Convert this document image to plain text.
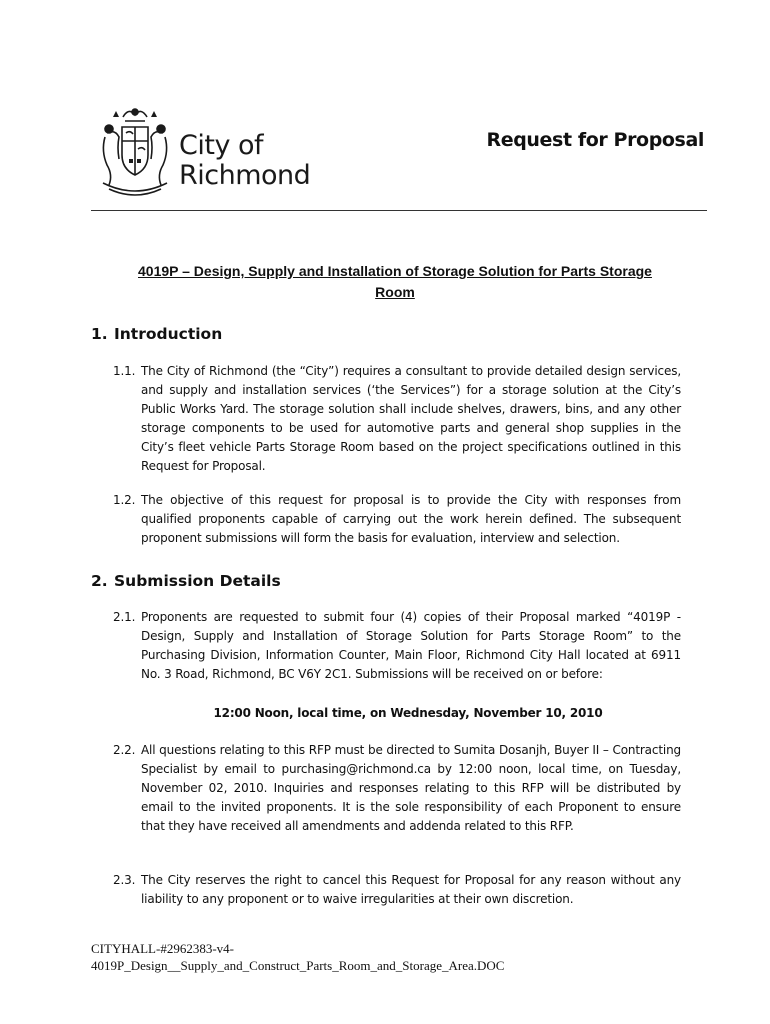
City of
Richmond
Request for Proposal
4019P – Design, Supply and Installation of Storage Solution for Parts Storage
Room
1. Introduction
1.1. The City of Richmond (the “City”) requires a consultant to provide detailed design services, and supply and installation services (‘the Services”) for a storage solution at the City’s Public Works Yard. The storage solution shall include shelves, drawers, bins, and any other storage components to be used for automotive parts and general shop supplies in the City’s fleet vehicle Parts Storage Room based on the project specifications outlined in this Request for Proposal.
1.2. The objective of this request for proposal is to provide the City with responses from qualified proponents capable of carrying out the work herein defined. The subsequent proponent submissions will form the basis for evaluation, interview and selection.
2. Submission Details
2.1. Proponents are requested to submit four (4) copies of their Proposal marked “4019P - Design, Supply and Installation of Storage Solution for Parts Storage Room” to the Purchasing Division, Information Counter, Main Floor, Richmond City Hall located at 6911 No. 3 Road, Richmond, BC V6Y 2C1. Submissions will be received on or before:
12:00 Noon, local time, on Wednesday, November 10, 2010
2.2. All questions relating to this RFP must be directed to Sumita Dosanjh, Buyer II – Contracting Specialist by email to purchasing@richmond.ca by 12:00 noon, local time, on Tuesday, November 02, 2010. Inquiries and responses relating to this RFP will be distributed by email to the invited proponents. It is the sole responsibility of each Proponent to ensure that they have received all amendments and addenda related to this RFP.
2.3. The City reserves the right to cancel this Request for Proposal for any reason without any liability to any proponent or to waive irregularities at their own discretion.
CITYHALL-#2962383-v4-
4019P_Design__Supply_and_Construct_Parts_Room_and_Storage_Area.DOC
